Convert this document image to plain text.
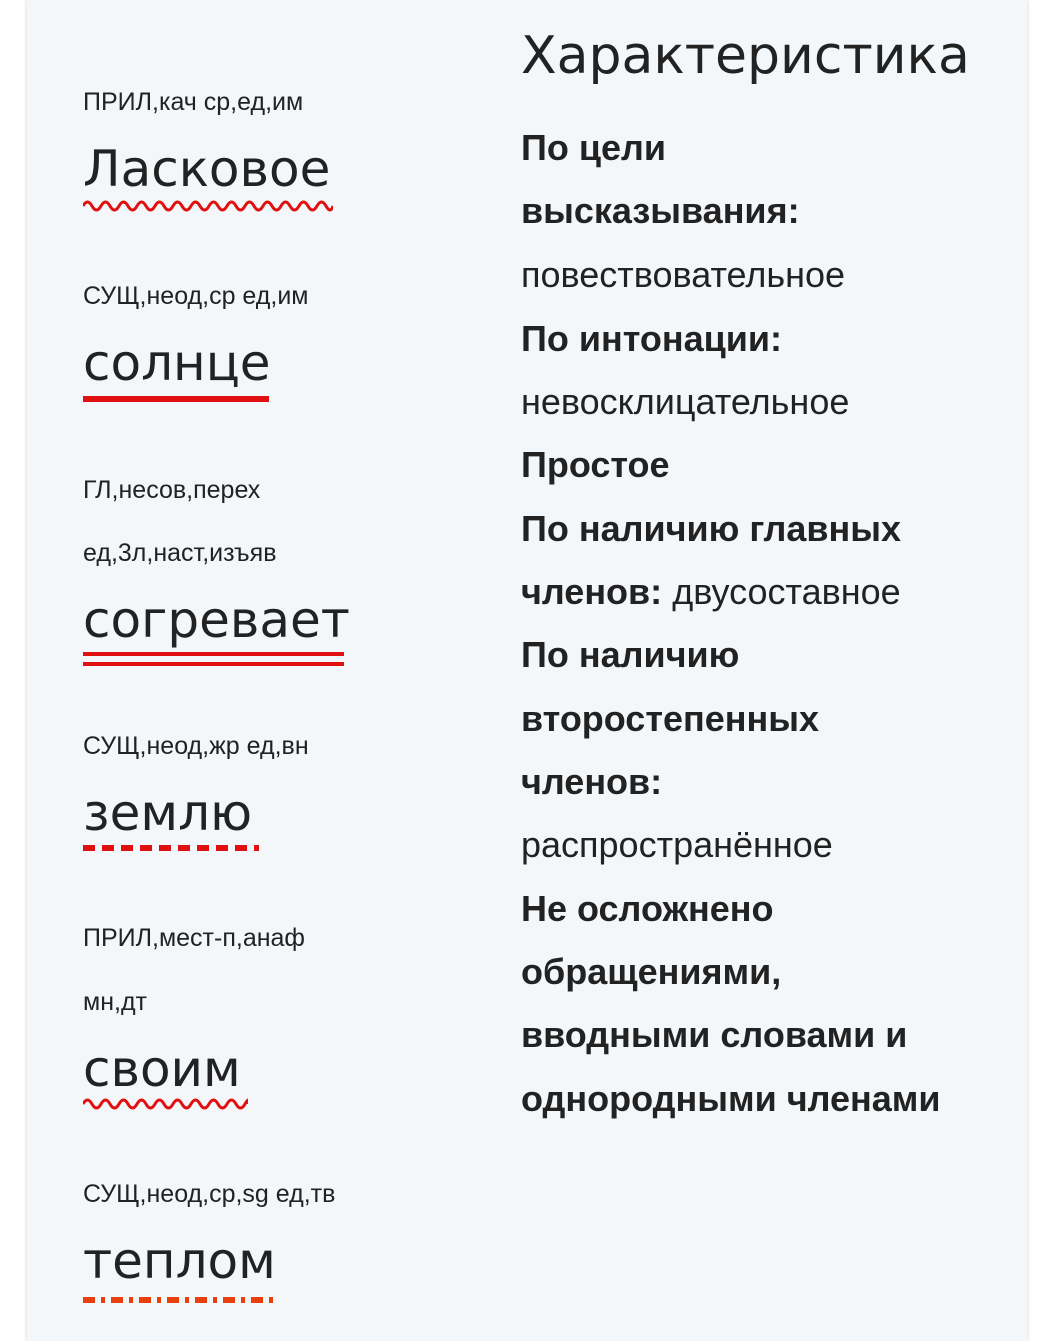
ПРИЛ,кач ср,ед,им
Ласковое
СУЩ,неод,ср ед,им
солнце
ГЛ,несов,перех
ед,3л,наст,изъяв
согревает
СУЩ,неод,жр ед,вн
землю
ПРИЛ,мест-п,анаф
мн,дт
своим
СУЩ,неод,ср,sg ед,тв
теплом
Характеристика
По цели
высказывания:
повествовательное
По интонации:
невосклицательное
Простое
По наличию главных
членов: двусоставное
По наличию
второстепенных
членов:
распространённое
Не осложнено
обращениями,
вводными словами и
однородными членами
